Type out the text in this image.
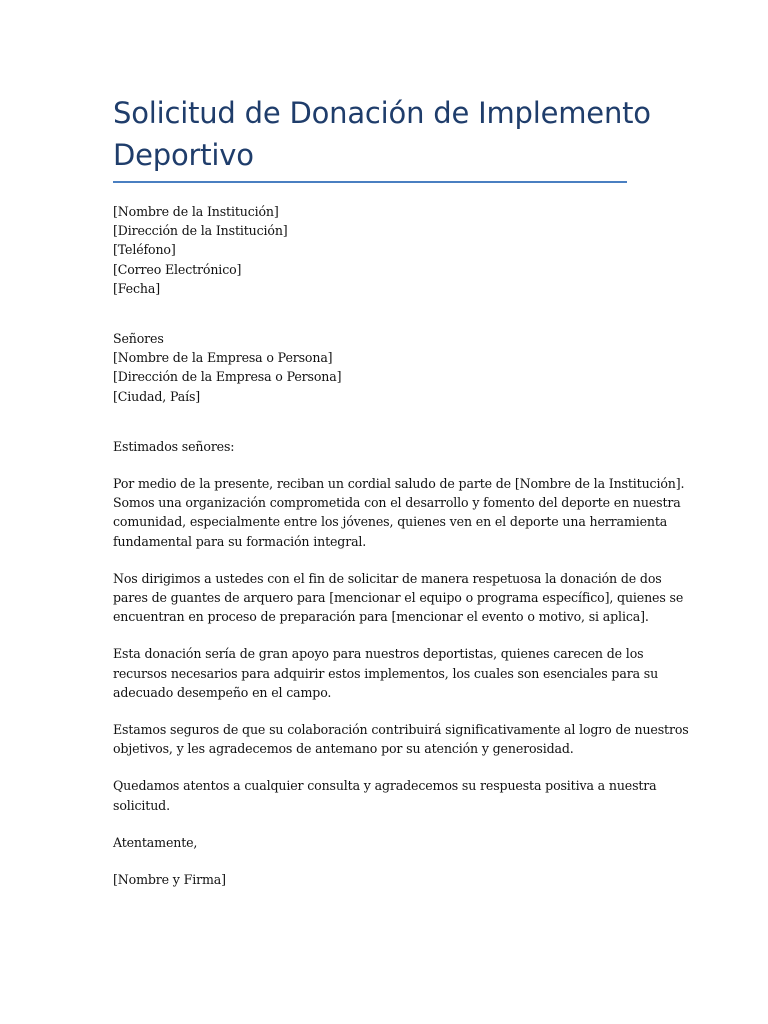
Solicitud de Donación de Implemento
Deportivo
[Nombre de la Institución]
[Dirección de la Institución]
[Teléfono]
[Correo Electrónico]
[Fecha]
Señores
[Nombre de la Empresa o Persona]
[Dirección de la Empresa o Persona]
[Ciudad, País]
Estimados señores:
Por medio de la presente, reciban un cordial saludo de parte de [Nombre de la Institución].
Somos una organización comprometida con el desarrollo y fomento del deporte en nuestra
comunidad, especialmente entre los jóvenes, quienes ven en el deporte una herramienta
fundamental para su formación integral.
Nos dirigimos a ustedes con el fin de solicitar de manera respetuosa la donación de dos
pares de guantes de arquero para [mencionar el equipo o programa específico], quienes se
encuentran en proceso de preparación para [mencionar el evento o motivo, si aplica].
Esta donación sería de gran apoyo para nuestros deportistas, quienes carecen de los
recursos necesarios para adquirir estos implementos, los cuales son esenciales para su
adecuado desempeño en el campo.
Estamos seguros de que su colaboración contribuirá significativamente al logro de nuestros
objetivos, y les agradecemos de antemano por su atención y generosidad.
Quedamos atentos a cualquier consulta y agradecemos su respuesta positiva a nuestra
solicitud.
Atentamente,
[Nombre y Firma]
